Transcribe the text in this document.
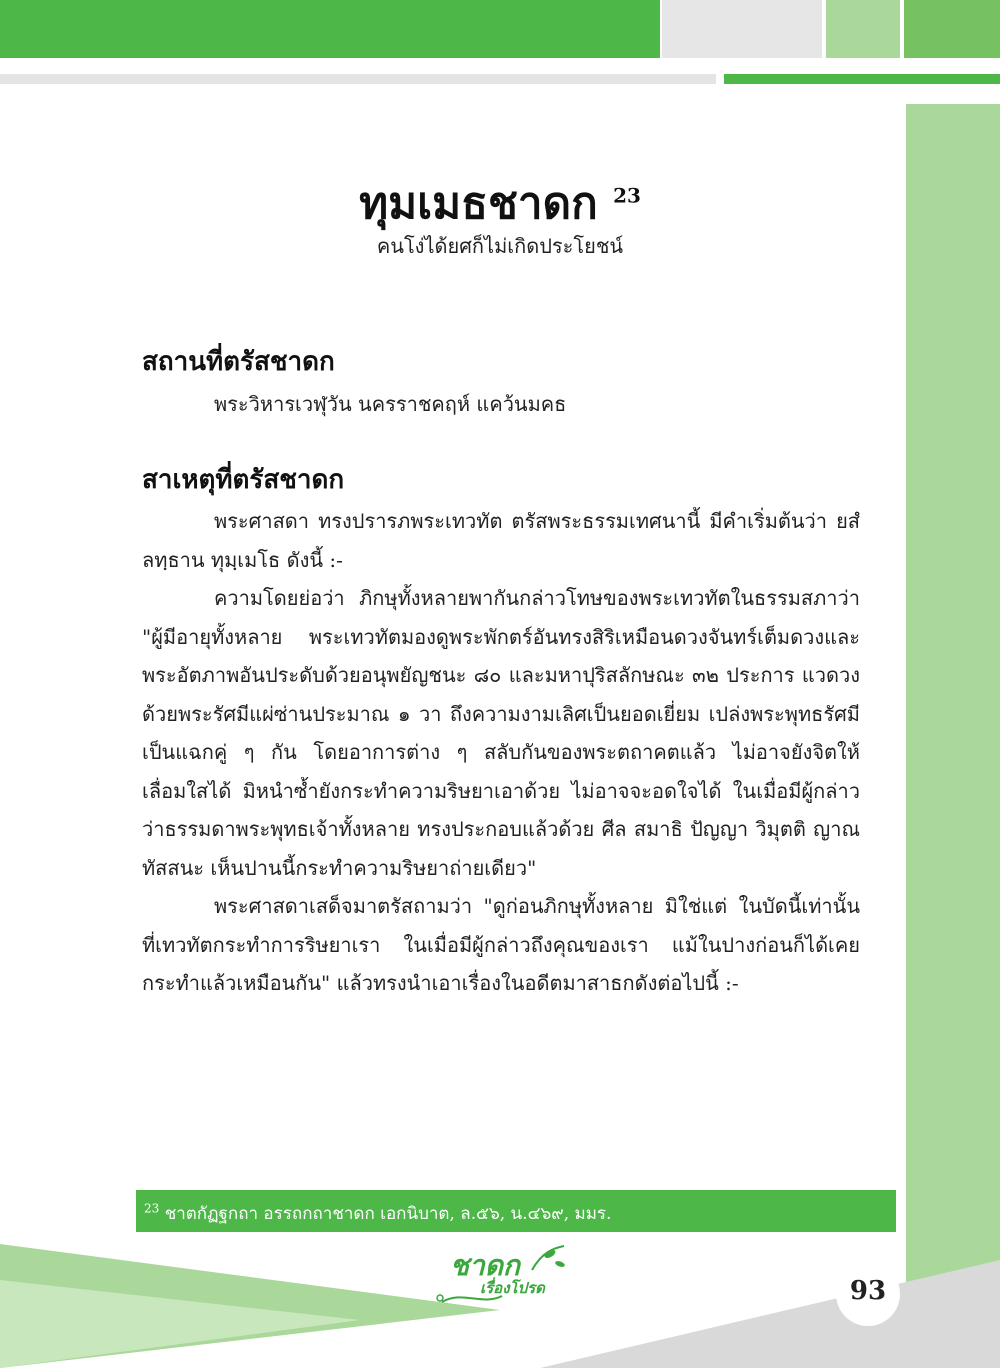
ทุมเมธชาดก $^{23}$
คนโง่ได้ยศก็ไม่เกิดประโยชน์
สถานที่ตรัสชาดก

พระวิหารเวฬุวัน นครราชคฤห์ แคว้นมคธ

สาเหตุที่ตรัสชาดก

พระศาสดา ทรงปรารภพระเทวทัต ตรัสพระธรรมเทศนานี้ มีคำเริ่มต้นว่า ยสํ ลทฺธาน ทุมฺเมโธ ดังนี้ :-

ความโดยย่อว่า ภิกษุทั้งหลายพากันกล่าวโทษของพระเทวทัตในธรรมสภาว่า "ผู้มีอายุทั้งหลาย พระเทวทัตมองดูพระพักตร์อันทรงสิริเหมือนดวงจันทร์เต็มดวงและพระอัตภาพอันประดับด้วยอนุพยัญชนะ ๘๐ และมหาปุริสลักษณะ ๓๒ ประการ แวดวงด้วยพระรัศมีแผ่ซ่านประมาณ ๑ วา ถึงความงามเลิศเป็นยอดเยี่ยม เปล่งพระพุทธรัศมีเป็นแฉกคู่ ๆ กัน โดยอาการต่าง ๆ สลับกันของพระตถาคตแล้ว ไม่อาจยังจิตให้เลื่อมใสได้ มิหนำซ้ำยังกระทำความริษยาเอาด้วย ไม่อาจจะอดใจได้ ในเมื่อมีผู้กล่าวว่าธรรมดาพระพุทธเจ้าทั้งหลาย ทรงประกอบแล้วด้วย ศีล สมาธิ ปัญญา วิมุตติ ญาณทัสสนะ เห็นปานนี้กระทำความริษยาถ่ายเดียว"

พระศาสดาเสด็จมาตรัสถามว่า "ดูก่อนภิกษุทั้งหลาย มิใช่แต่ ในบัดนี้เท่านั้น ที่เทวทัตกระทำการริษยาเรา ในเมื่อมีผู้กล่าวถึงคุณของเรา แม้ในปางก่อนก็ได้เคยกระทำแล้วเหมือนกัน" แล้วทรงนำเอาเรื่องในอดีตมาสาธกดังต่อไปนี้ :-

$^{23}$ ชาตกัฏฐกถา อรรถกถาชาดก เอกนิบาต, ล.๕๖, น.๔๖๙, มมร.
ชาดก
เรื่องโปรด	93
